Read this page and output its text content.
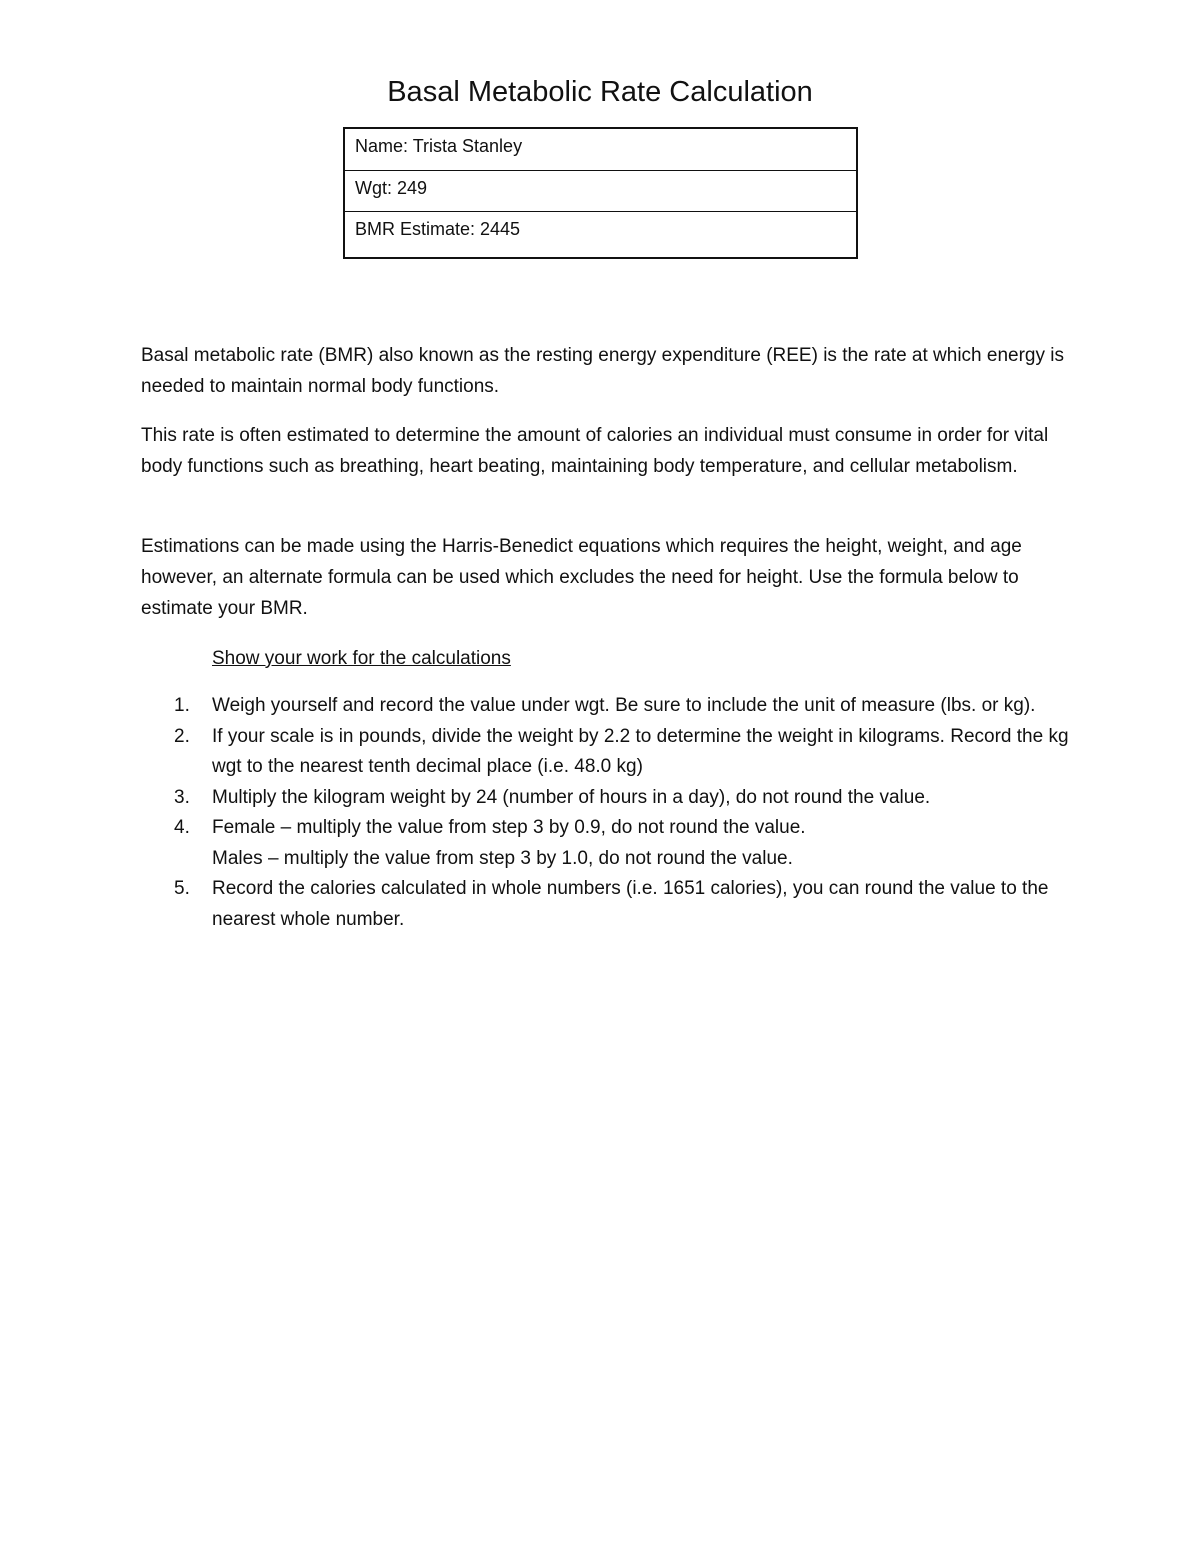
Basal Metabolic Rate Calculation
Name: Trista Stanley
Wgt: 249
BMR Estimate: 2445

Basal metabolic rate (BMR) also known as the resting energy expenditure (REE) is the rate at which energy is needed to maintain normal body functions.

This rate is often estimated to determine the amount of calories an individual must consume in order for vital body functions such as breathing, heart beating, maintaining body temperature, and cellular metabolism.

Estimations can be made using the Harris-Benedict equations which requires the height, weight, and age however, an alternate formula can be used which excludes the need for height. Use the formula below to estimate your BMR.

Show your work for the calculations
1.	Weigh yourself and record the value under wgt. Be sure to include the unit of measure (lbs. or kg).
2.	If your scale is in pounds, divide the weight by 2.2 to determine the weight in kilograms. Record the kg wgt to the nearest tenth decimal place (i.e. 48.0 kg)
3.	Multiply the kilogram weight by 24 (number of hours in a day), do not round the value.
4.	Female – multiply the value from step 3 by 0.9, do not round the value.
Males – multiply the value from step 3 by 1.0, do not round the value.
5.	Record the calories calculated in whole numbers (i.e. 1651 calories), you can round the value to the nearest whole number.
